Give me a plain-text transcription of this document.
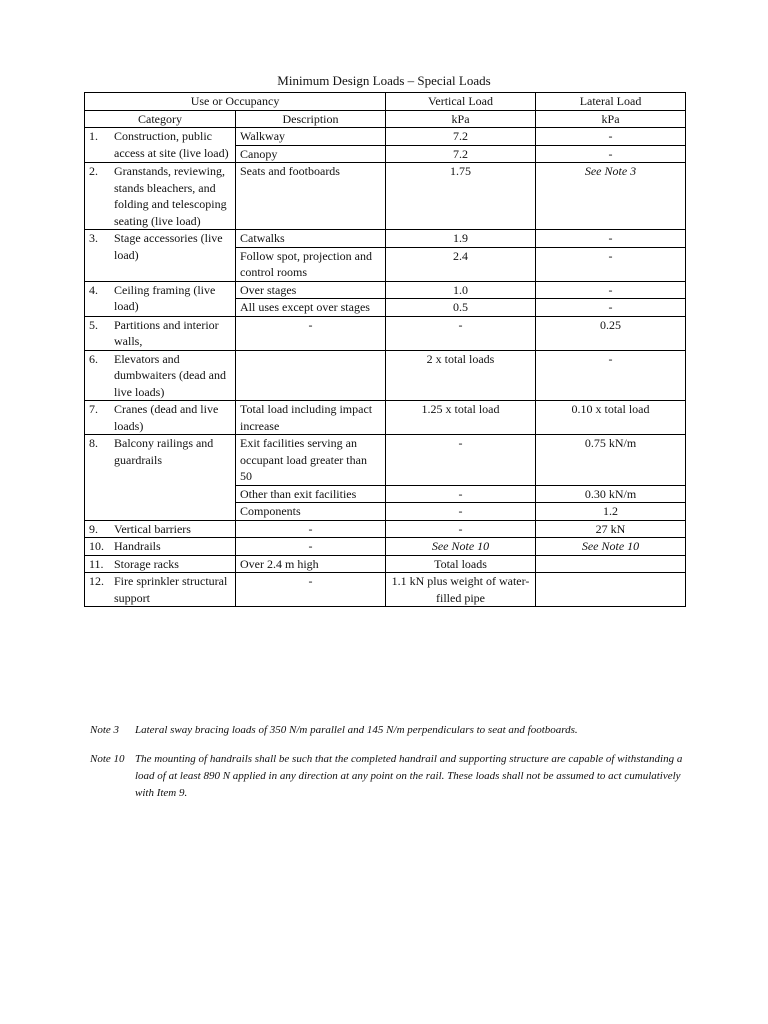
Minimum Design Loads – Special Loads
Use or Occupancy		Vertical Load	Lateral Load
Category	Description	kPa	kPa

1. Construction, public access at site (live load)	Walkway	7.2	-
	Canopy	7.2	-

2. Granstands, reviewing, stands bleachers, and folding and telescoping seating (live load)	Seats and footboards	1.75	See Note 3

3. Stage accessories (live load)	Catwalks	1.9	-
	Follow spot, projection and control rooms	2.4	-

4. Ceiling framing (live load)	Over stages	1.0	-
	All uses except over stages	0.5	-

5. Partitions and interior walls,	-	-	0.25

6. Elevators and dumbwaiters (dead and live loads)		2 x total loads	-

7. Cranes (dead and live loads)	Total load including impact increase	1.25 x total load	0.10 x total load

8. Balcony railings and guardrails	Exit facilities serving an occupant load greater than 50	-	0.75 kN/m
	Other than exit facilities	-	0.30 kN/m
	Components	-	1.2

9. Vertical barriers	-	-	27 kN

10. Handrails	-	See Note 10	See Note 10

11. Storage racks	Over 2.4 m high	Total loads	

12. Fire sprinkler structural support	-	1.1 kN plus weight of water-filled pipe	
Note 3	Lateral sway bracing loads of 350 N/m parallel and 145 N/m perpendiculars to seat and footboards.
Note 10 The mounting of handrails shall be such that the completed handrail and supporting structure are capable of withstanding a load of at least 890 N applied in any direction at any point on the rail. These loads shall not be assumed to act cumulatively with Item 9.
